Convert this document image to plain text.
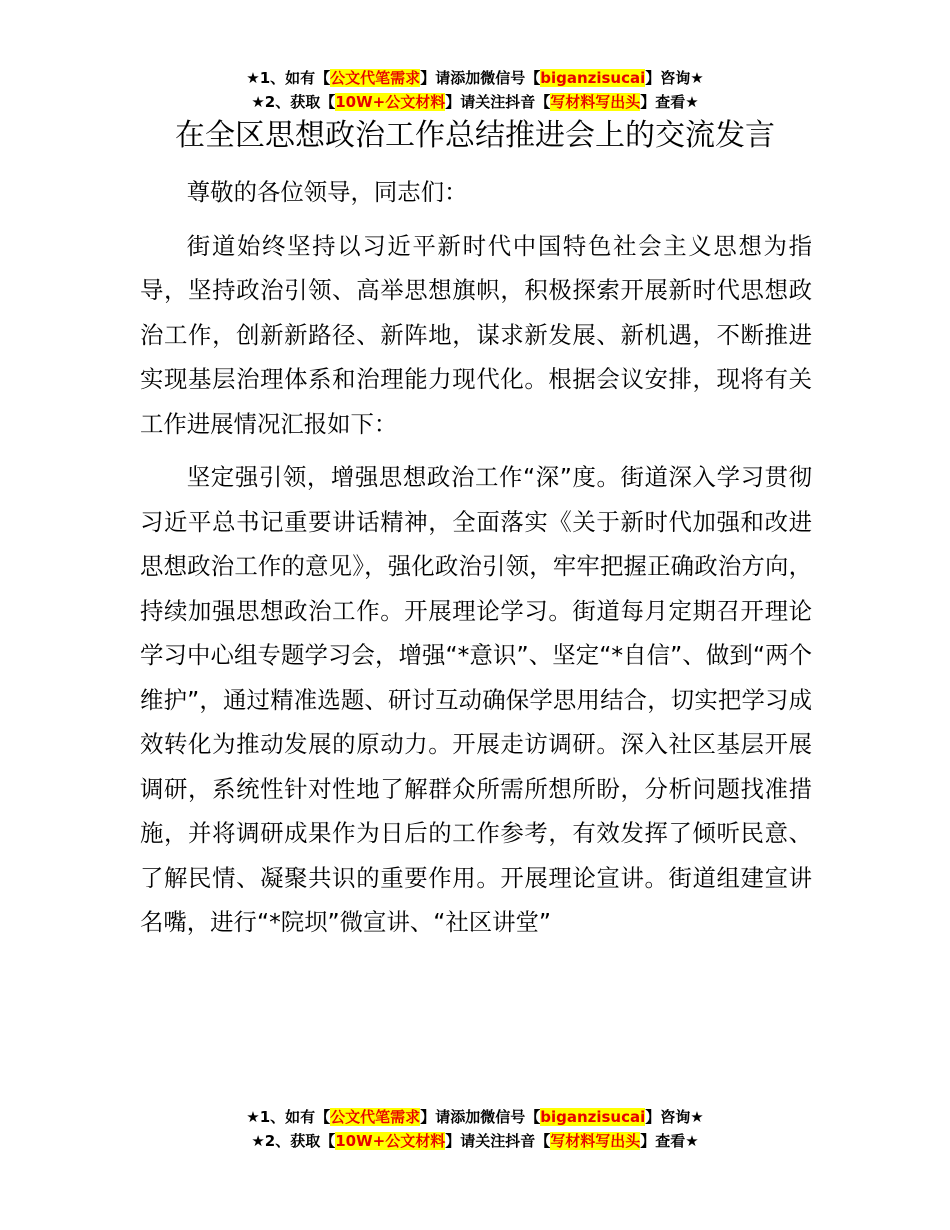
★1、如有【公文代笔需求】请添加微信号【biganzisucai】咨询★
★2、获取【10W+公文材料】请关注抖音【写材料写出头】查看★
在全区思想政治工作总结推进会上的交流发言

尊敬的各位领导，同志们：

街道始终坚持以习近平新时代中国特色社会主义思想为指导，坚持政治引领、高举思想旗帜，积极探索开展新时代思想政治工作，创新新路径、新阵地，谋求新发展、新机遇，不断推进实现基层治理体系和治理能力现代化。根据会议安排，现将有关工作进展情况汇报如下：

坚定强引领，增强思想政治工作“深”度。街道深入学习贯彻习近平总书记重要讲话精神，全面落实《关于新时代加强和改进思想政治工作的意见》，强化政治引领，牢牢把握正确政治方向，持续加强思想政治工作。开展理论学习。街道每月定期召开理论学习中心组专题学习会，增强“*意识”、坚定“*自信”、做到“两个维护”，通过精准选题、研讨互动确保学思用结合，切实把学习成效转化为推动发展的原动力。开展走访调研。深入社区基层开展调研，系统性针对性地了解群众所需所想所盼，分析问题找准措施，并将调研成果作为日后的工作参考，有效发挥了倾听民意、了解民情、凝聚共识的重要作用。开展理论宣讲。街道组建宣讲名嘴，进行“*院坝”微宣讲、“社区讲堂”

★1、如有【公文代笔需求】请添加微信号【biganzisucai】咨询★
★2、获取【10W+公文材料】请关注抖音【写材料写出头】查看★
